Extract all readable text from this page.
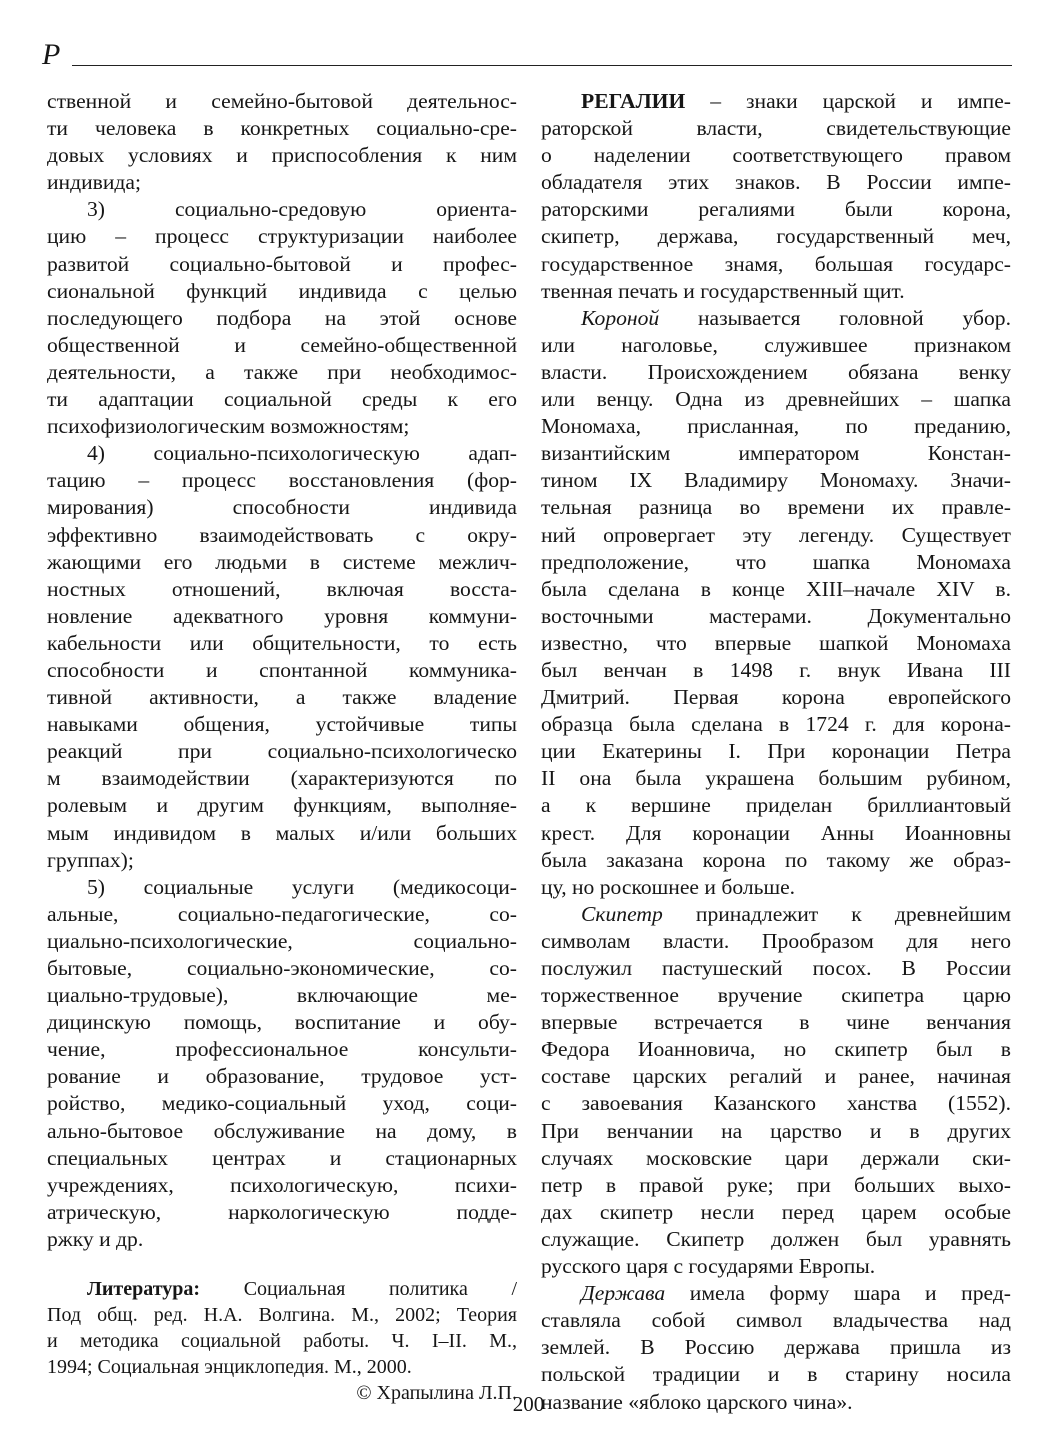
Р

ственной и семейно-бытовой деятельнос-
ти человека в конкретных социально-сре-
довых условиях и приспособления к ним
индивида;

3) социально-средовую ориента-
цию – процесс структуризации наиболее
развитой социально-бытовой и профес-
сиональной функций индивида с целью
последующего подбора на этой основе
общественной и семейно-общественной
деятельности, а также при необходимос-
ти адаптации социальной среды к его
психофизиологическим возможностям;

4) социально-психологическую адап-
тацию – процесс восстановления (фор-
мирования) способности индивида
эффективно взаимодействовать с окру-
жающими его людьми в системе межлич-
ностных отношений, включая восста-
новление адекватного уровня коммуни-
кабельности или общительности, то есть
способности и спонтанной коммуника-
тивной активности, а также владение
навыками общения, устойчивые типы
реакций при социально-психологическо
м взаимодействии (характеризуются по
ролевым и другим функциям, выполняе-
мым индивидом в малых и/или больших
группах);

5) социальные услуги (медикосоци-
альные, социально-педагогические, со-
циально-психологические, социально-
бытовые, социально-экономические, со-
циально-трудовые), включающие ме-
дицинскую помощь, воспитание и обу-
чение, профессиональное консульти-
рование и образование, трудовое уст-
ройство, медико-социальный уход, соци-
ально-бытовое обслуживание на дому, в
специальных центрах и стационарных
учреждениях, психологическую, психи-
атрическую, наркологическую подде-
ржку и др.

Литература: Социальная политика /
Под общ. ред. Н.А. Волгина. М., 2002; Теория
и методика социальной работы. Ч. I–II. М.,
1994; Социальная энциклопедия. М., 2000.
© Храпылина Л.П.

РЕГАЛИИ – знаки царской и импе-
раторской власти, свидетельствующие
о наделении соответствующего правом
обладателя этих знаков. В России импе-
раторскими регалиями были корона,
скипетр, держава, государственный меч,
государственное знамя, большая государс-
твенная печать и государственный щит.

Короной называется головной убор.
или наголовье, служившее признаком
власти. Происхождением обязана венку
или венцу. Одна из древнейших – шапка
Мономаха, присланная, по преданию,
византийским императором Констан-
тином IX Владимиру Мономаху. Значи-
тельная разница во времени их правле-
ний опровергает эту легенду. Существует
предположение, что шапка Мономаха
была сделана в конце XIII–начале XIV в.
восточными мастерами. Документально
известно, что впервые шапкой Мономаха
был венчан в 1498 г. внук Ивана III
Дмитрий. Первая корона европейского
образца была сделана в 1724 г. для корона-
ции Екатерины I. При коронации Петра
II она была украшена большим рубином,
а к вершине приделан бриллиантовый
крест. Для коронации Анны Иоанновны
была заказана корона по такому же образ-
цу, но роскошнее и больше.

Скипетр принадлежит к древнейшим
символам власти. Прообразом для него
послужил пастушеский посох. В России
торжественное вручение скипетра царю
впервые встречается в чине венчания
Федора Иоанновича, но скипетр был в
составе царских регалий и ранее, начиная
с завоевания Казанского ханства (1552).
При венчании на царство и в других
случаях московские цари держали ски-
петр в правой руке; при больших выхо-
дах скипетр несли перед царем особые
служащие. Скипетр должен был уравнять
русского царя с государями Европы.

Держава имела форму шара и пред-
ставляла собой символ владычества над
землей. В Россию держава пришла из
польской традиции и в старину носила
название «яблоко царского чина».

200
